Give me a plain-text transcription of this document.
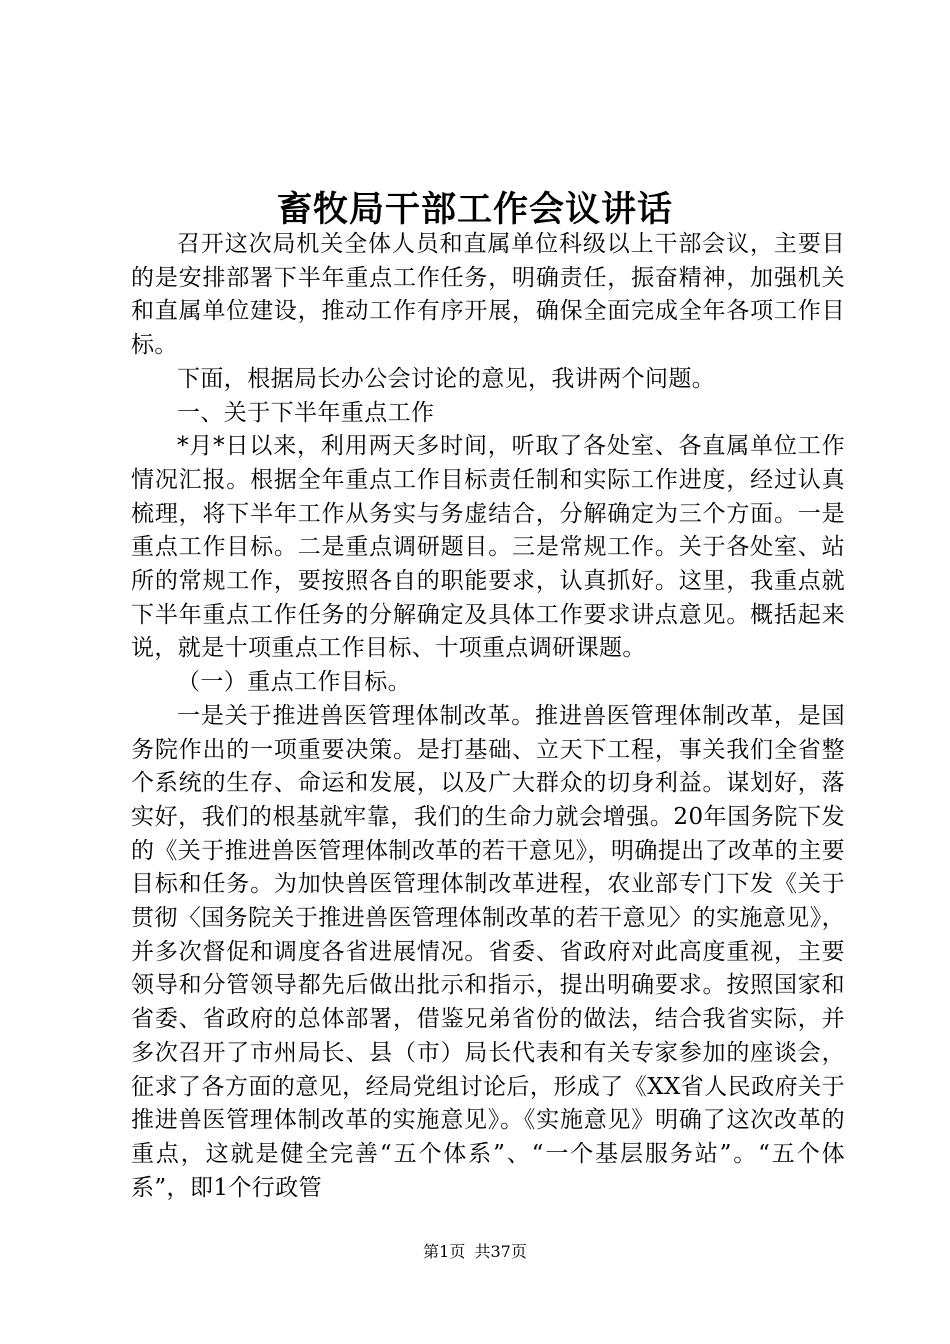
畜牧局干部工作会议讲话

召开这次局机关全体人员和直属单位科级以上干部会议，主要目的是安排部署下半年重点工作任务，明确责任，振奋精神，加强机关和直属单位建设，推动工作有序开展，确保全面完成全年各项工作目标。

下面，根据局长办公会讨论的意见，我讲两个问题。

一、关于下半年重点工作

*月*日以来，利用两天多时间，听取了各处室、各直属单位工作情况汇报。根据全年重点工作目标责任制和实际工作进度，经过认真梳理，将下半年工作从务实与务虚结合，分解确定为三个方面。一是重点工作目标。二是重点调研题目。三是常规工作。关于各处室、站所的常规工作，要按照各自的职能要求，认真抓好。这里，我重点就下半年重点工作任务的分解确定及具体工作要求讲点意见。概括起来说，就是十项重点工作目标、十项重点调研课题。

（一）重点工作目标。

一是关于推进兽医管理体制改革。推进兽医管理体制改革，是国务院作出的一项重要决策。是打基础、立天下工程，事关我们全省整个系统的生存、命运和发展，以及广大群众的切身利益。谋划好，落实好，我们的根基就牢靠，我们的生命力就会增强。20年国务院下发的《关于推进兽医管理体制改革的若干意见》，明确提出了改革的主要目标和任务。为加快兽医管理体制改革进程，农业部专门下发《关于贯彻〈国务院关于推进兽医管理体制改革的若干意见〉的实施意见》，并多次督促和调度各省进展情况。省委、省政府对此高度重视，主要领导和分管领导都先后做出批示和指示，提出明确要求。按照国家和省委、省政府的总体部署，借鉴兄弟省份的做法，结合我省实际，并多次召开了市州局长、县（市）局长代表和有关专家参加的座谈会，征求了各方面的意见，经局党组讨论后，形成了《XX省人民政府关于推进兽医管理体制改革的实施意见》。《实施意见》明确了这次改革的重点，这就是健全完善“五个体系”、“一个基层服务站”。“五个体系”，即1个行政管

第1页 共37页
